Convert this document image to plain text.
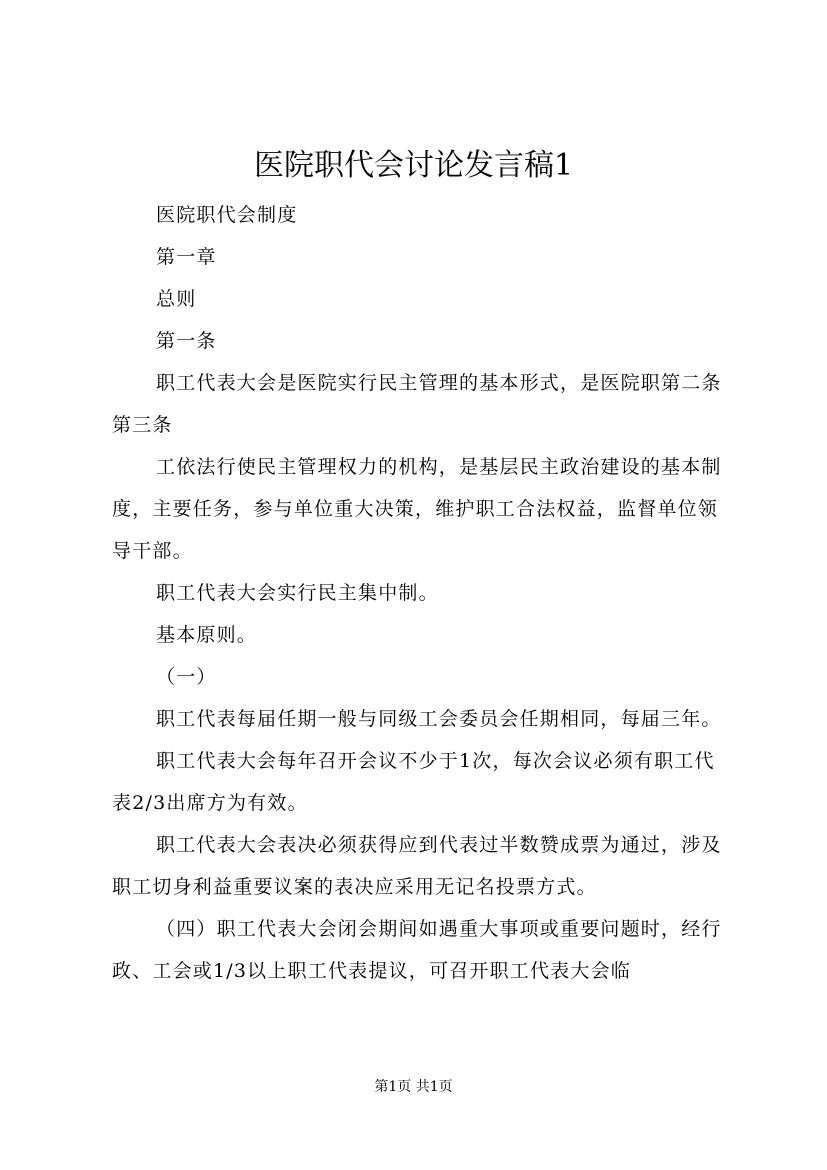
医院职代会讨论发言稿1

医院职代会制度

第一章

总则

第一条

职工代表大会是医院实行民主管理的基本形式，是医院职第二条第三条

工依法行使民主管理权力的机构，是基层民主政治建设的基本制度，主要任务，参与单位重大决策，维护职工合法权益，监督单位领导干部。

职工代表大会实行民主集中制。

基本原则。

（一）

职工代表每届任期一般与同级工会委员会任期相同，每届三年。

职工代表大会每年召开会议不少于1次，每次会议必须有职工代表2/3出席方为有效。

职工代表大会表决必须获得应到代表过半数赞成票为通过，涉及职工切身利益重要议案的表决应采用无记名投票方式。

（四）职工代表大会闭会期间如遇重大事项或重要问题时，经行政、工会或1/3以上职工代表提议，可召开职工代表大会临

第1页 共1页
